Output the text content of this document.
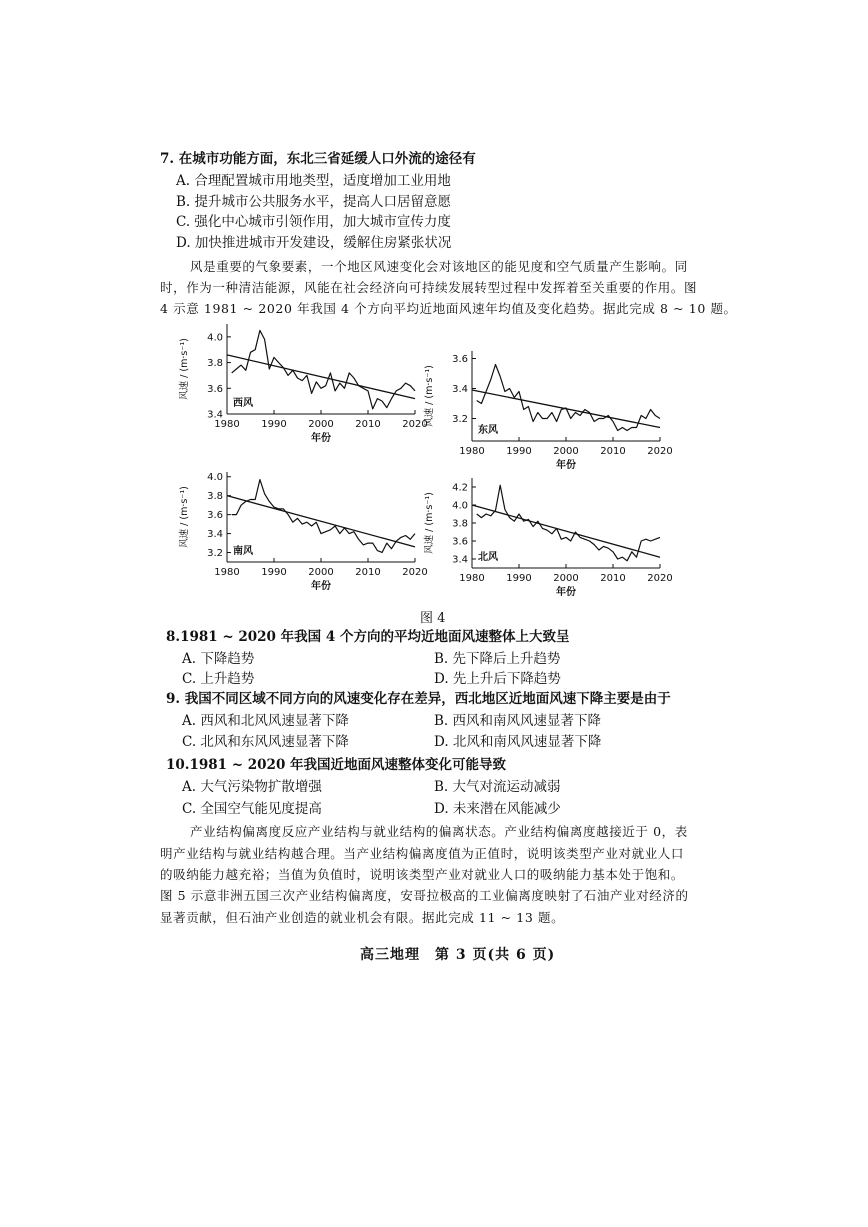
7. 在城市功能方面，东北三省延缓人口外流的途径有
A. 合理配置城市用地类型，适度增加工业用地
B. 提升城市公共服务水平，提高人口居留意愿
C. 强化中心城市引领作用，加大城市宣传力度
D. 加快推进城市开发建设，缓解住房紧张状况
风是重要的气象要素，一个地区风速变化会对该地区的能见度和空气质量产生影响。同
时，作为一种清洁能源，风能在社会经济向可持续发展转型过程中发挥着至关重要的作用。图
4 示意 1981 ~ 2020 年我国 4 个方向平均近地面风速年均值及变化趋势。据此完成 8 ~ 10 题。
3.4
3.6
3.8
4.0
1980 1990 2000 2010 2020
年份
风速 / (m·s⁻¹)
西风
3.2
3.4
3.6
1980 1990 2000 2010 2020
年份
风速 / (m·s⁻¹)
东风
3.2
3.4
3.6
3.8
4.0
1980 1990 2000 2010 2020
年份
风速 / (m·s⁻¹)
南风
3.4
3.6
3.8
4.0
4.2
1980 1990 2000 2010 2020
年份
风速 / (m·s⁻¹)
北风
图 4
8.1981 ~ 2020 年我国 4 个方向的平均近地面风速整体上大致呈
A. 下降趋势	B. 先下降后上升趋势
C. 上升趋势	D. 先上升后下降趋势
9. 我国不同区域不同方向的风速变化存在差异，西北地区近地面风速下降主要是由于
A. 西风和北风风速显著下降	B. 西风和南风风速显著下降
C. 北风和东风风速显著下降	D. 北风和南风风速显著下降
10.1981 ~ 2020 年我国近地面风速整体变化可能导致
A. 大气污染物扩散增强	B. 大气对流运动减弱
C. 全国空气能见度提高	D. 未来潜在风能减少
产业结构偏离度反应产业结构与就业结构的偏离状态。产业结构偏离度越接近于 0，表
明产业结构与就业结构越合理。当产业结构偏离度值为正值时，说明该类型产业对就业人口
的吸纳能力越充裕；当值为负值时，说明该类型产业对就业人口的吸纳能力基本处于饱和。
图 5 示意非洲五国三次产业结构偏离度，安哥拉极高的工业偏离度映射了石油产业对经济的
显著贡献，但石油产业创造的就业机会有限。据此完成 11 ~ 13 题。
高三地理　第 3 页(共 6 页)
